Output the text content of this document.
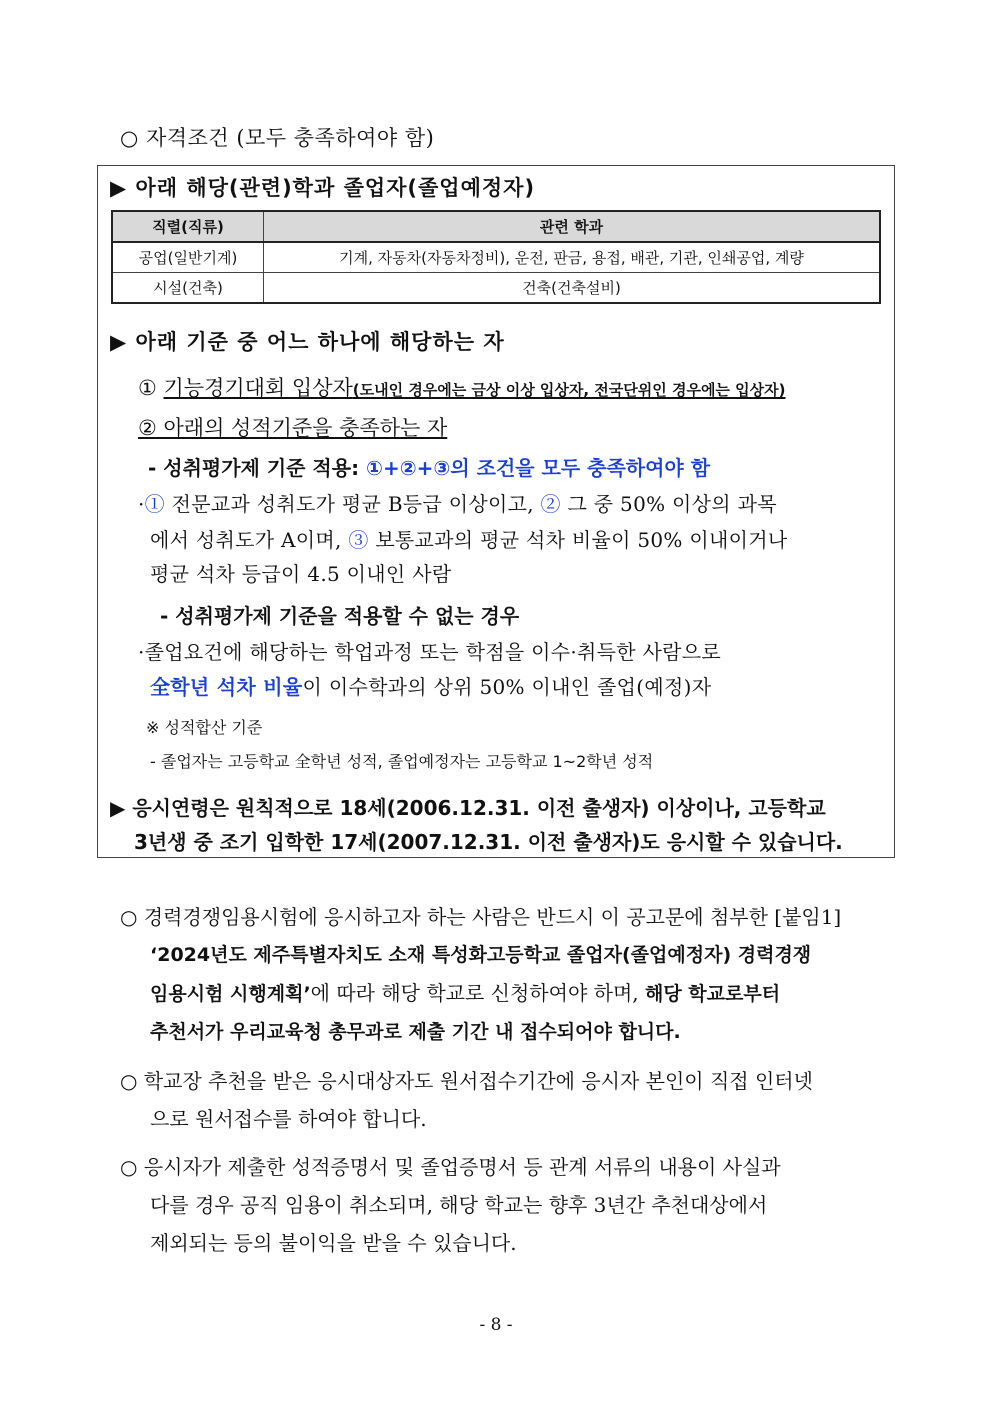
○ 자격조건 (모두 충족하여야 함)
▶ 아래 해당(관련)학과 졸업자(졸업예정자)
직렬(직류)	관련 학과
공업(일반기계)	기계, 자동차(자동차정비), 운전, 판금, 용접, 배관, 기관, 인쇄공업, 계량
시설(건축)	건축(건축설비)
▶ 아래 기준 중 어느 하나에 해당하는 자
① 기능경기대회 입상자(도내인 경우에는 금상 이상 입상자, 전국단위인 경우에는 입상자)
② 아래의 성적기준을 충족하는 자
- 성취평가제 기준 적용: ①+②+③의 조건을 모두 충족하여야 함
·① 전문교과 성취도가 평균 B등급 이상이고, ② 그 중 50% 이상의 과목
에서 성취도가 A이며, ③ 보통교과의 평균 석차 비율이 50% 이내이거나
평균 석차 등급이 4.5 이내인 사람
- 성취평가제 기준을 적용할 수 없는 경우
·졸업요건에 해당하는 학업과정 또는 학점을 이수·취득한 사람으로
全학년 석차 비율이 이수학과의 상위 50% 이내인 졸업(예정)자
※ 성적합산 기준
- 졸업자는 고등학교 全학년 성적, 졸업예정자는 고등학교 1~2학년 성적
▶ 응시연령은 원칙적으로 18세(2006.12.31. 이전 출생자) 이상이나, 고등학교
3년생 중 조기 입학한 17세(2007.12.31. 이전 출생자)도 응시할 수 있습니다.
○ 경력경쟁임용시험에 응시하고자 하는 사람은 반드시 이 공고문에 첨부한 [붙임1]
‘2024년도 제주특별자치도 소재 특성화고등학교 졸업자(졸업예정자) 경력경쟁
임용시험 시행계획’에 따라 해당 학교로 신청하여야 하며, 해당 학교로부터
추천서가 우리교육청 총무과로 제출 기간 내 접수되어야 합니다.
○ 학교장 추천을 받은 응시대상자도 원서접수기간에 응시자 본인이 직접 인터넷
으로 원서접수를 하여야 합니다.
○ 응시자가 제출한 성적증명서 및 졸업증명서 등 관계 서류의 내용이 사실과
다를 경우 공직 임용이 취소되며, 해당 학교는 향후 3년간 추천대상에서
제외되는 등의 불이익을 받을 수 있습니다.
- 8 -
